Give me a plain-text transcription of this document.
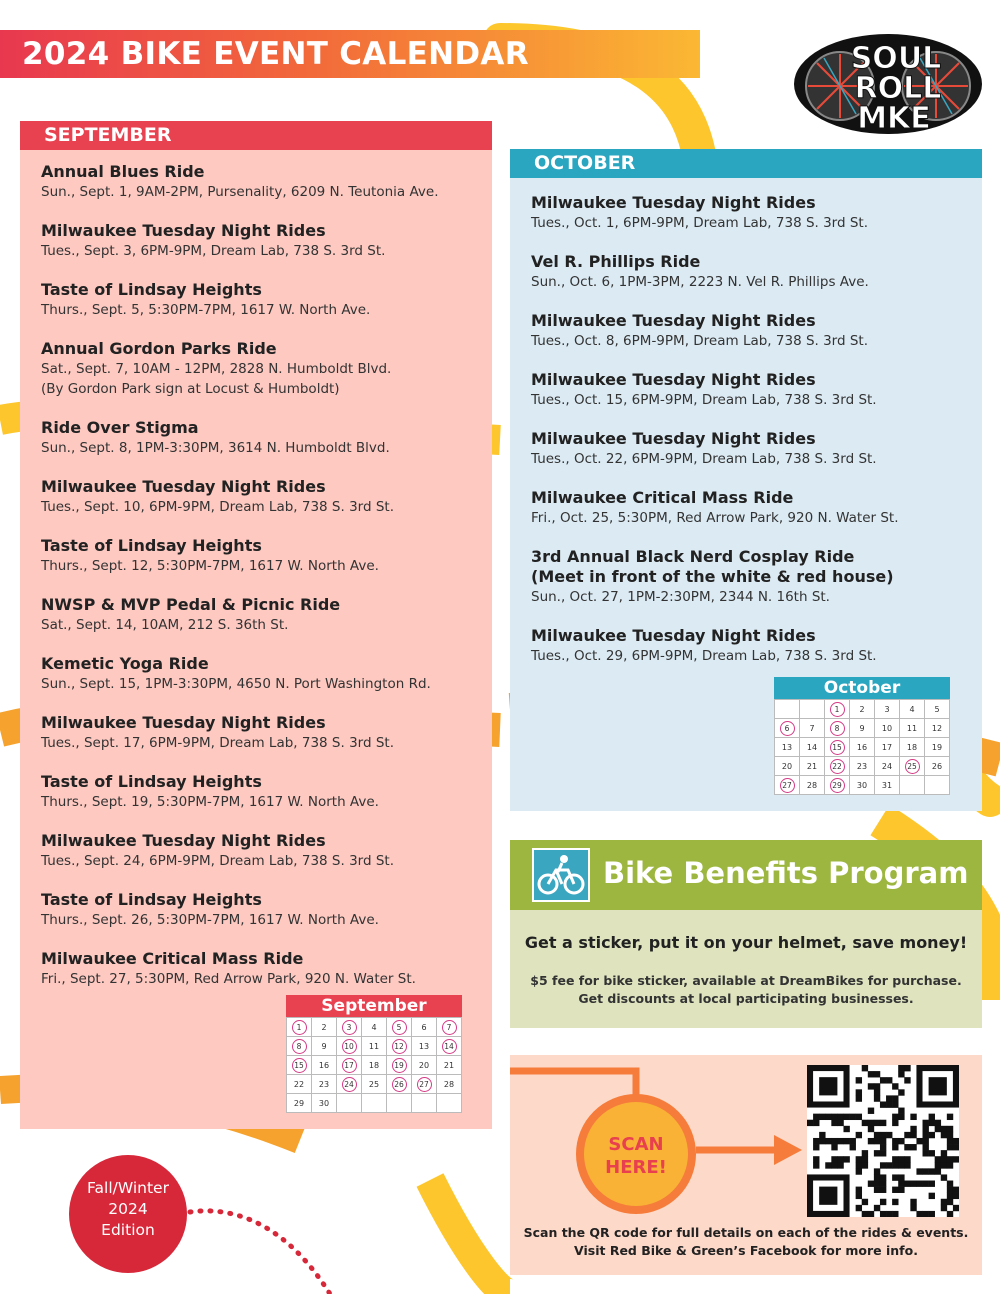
2024 BIKE EVENT CALENDAR	SOUL
ROLL
MKE
SEPTEMBER
Annual Blues Ride
Sun., Sept. 1, 9AM-2PM, Pursenality, 6209 N. Teutonia Ave.
Milwaukee Tuesday Night Rides
Tues., Sept. 3, 6PM-9PM, Dream Lab, 738 S. 3rd St.
Taste of Lindsay Heights
Thurs., Sept. 5, 5:30PM-7PM, 1617 W. North Ave.
Annual Gordon Parks Ride
Sat., Sept. 7, 10AM - 12PM, 2828 N. Humboldt Blvd.
(By Gordon Park sign at Locust & Humboldt)
Ride Over Stigma
Sun., Sept. 8, 1PM-3:30PM, 3614 N. Humboldt Blvd.
Milwaukee Tuesday Night Rides
Tues., Sept. 10, 6PM-9PM, Dream Lab, 738 S. 3rd St.
Taste of Lindsay Heights
Thurs., Sept. 12, 5:30PM-7PM, 1617 W. North Ave.
NWSP & MVP Pedal & Picnic Ride
Sat., Sept. 14, 10AM, 212 S. 36th St.
Kemetic Yoga Ride
Sun., Sept. 15, 1PM-3:30PM, 4650 N. Port Washington Rd.
Milwaukee Tuesday Night Rides
Tues., Sept. 17, 6PM-9PM, Dream Lab, 738 S. 3rd St.
Taste of Lindsay Heights
Thurs., Sept. 19, 5:30PM-7PM, 1617 W. North Ave.
Milwaukee Tuesday Night Rides
Tues., Sept. 24, 6PM-9PM, Dream Lab, 738 S. 3rd St.
Taste of Lindsay Heights
Thurs., Sept. 26, 5:30PM-7PM, 1617 W. North Ave.
Milwaukee Critical Mass Ride
Fri., Sept. 27, 5:30PM, Red Arrow Park, 920 N. Water St.
September
1	2	3	4	5	6	7
8	9	10	11	12	13	14
15	16	17	18	19	20	21
22	23	24	25	26	27	28
29	30					
OCTOBER
Milwaukee Tuesday Night Rides
Tues., Oct. 1, 6PM-9PM, Dream Lab, 738 S. 3rd St.
Vel R. Phillips Ride
Sun., Oct. 6, 1PM-3PM, 2223 N. Vel R. Phillips Ave.
Milwaukee Tuesday Night Rides
Tues., Oct. 8, 6PM-9PM, Dream Lab, 738 S. 3rd St.
Milwaukee Tuesday Night Rides
Tues., Oct. 15, 6PM-9PM, Dream Lab, 738 S. 3rd St.
Milwaukee Tuesday Night Rides
Tues., Oct. 22, 6PM-9PM, Dream Lab, 738 S. 3rd St.
Milwaukee Critical Mass Ride
Fri., Oct. 25, 5:30PM, Red Arrow Park, 920 N. Water St.
3rd Annual Black Nerd Cosplay Ride
(Meet in front of the white & red house)
Sun., Oct. 27, 1PM-2:30PM, 2344 N. 16th St.
Milwaukee Tuesday Night Rides
Tues., Oct. 29, 6PM-9PM, Dream Lab, 738 S. 3rd St.
October
		1	2	3	4	5
6	7	8	9	10	11	12
13	14	15	16	17	18	19
20	21	22	23	24	25	26
27	28	29	30	31		
Bike Benefits Program
Get a sticker, put it on your helmet, save money!
$5 fee for bike sticker, available at DreamBikes for purchase.
Get discounts at local participating businesses.
SCAN
HERE!
Scan the QR code for full details on each of the rides & events.
Visit Red Bike & Green’s Facebook for more info.
Fall/Winter
2024
Edition
